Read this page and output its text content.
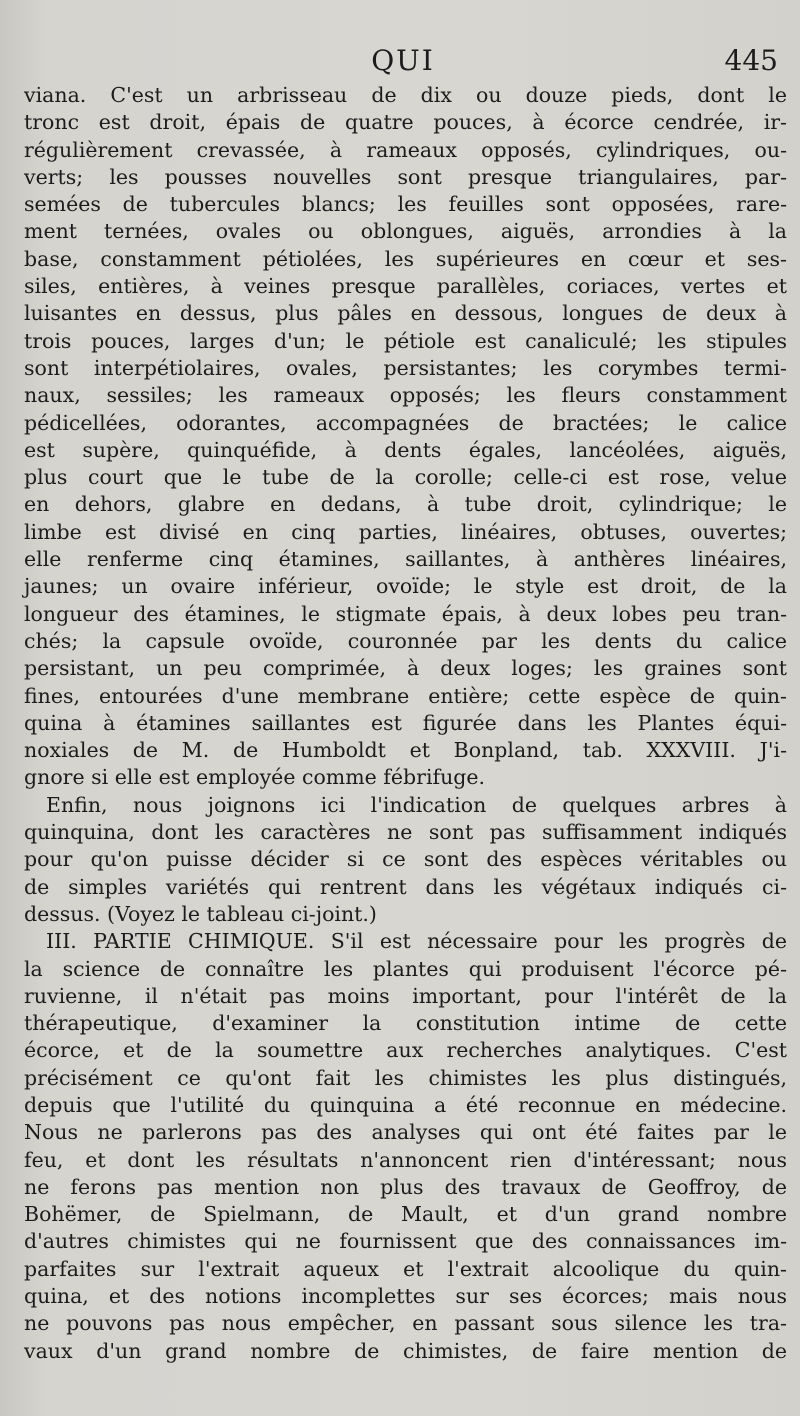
QUI	445
viana. C'est un arbrisseau de dix ou douze pieds, dont le
tronc est droit, épais de quatre pouces, à écorce cendrée, ir-
régulièrement crevassée, à rameaux opposés, cylindriques, ou-
verts; les pousses nouvelles sont presque triangulaires, par-
semées de tubercules blancs; les feuilles sont opposées, rare-
ment ternées, ovales ou oblongues, aiguës, arrondies à la
base, constamment pétiolées, les supérieures en cœur et ses-
siles, entières, à veines presque parallèles, coriaces, vertes et
luisantes en dessus, plus pâles en dessous, longues de deux à
trois pouces, larges d'un; le pétiole est canaliculé; les stipules
sont interpétiolaires, ovales, persistantes; les corymbes termi-
naux, sessiles; les rameaux opposés; les fleurs constamment
pédicellées, odorantes, accompagnées de bractées; le calice
est supère, quinquéfide, à dents égales, lancéolées, aiguës,
plus court que le tube de la corolle; celle-ci est rose, velue
en dehors, glabre en dedans, à tube droit, cylindrique; le
limbe est divisé en cinq parties, linéaires, obtuses, ouvertes;
elle renferme cinq étamines, saillantes, à anthères linéaires,
jaunes; un ovaire inférieur, ovoïde; le style est droit, de la
longueur des étamines, le stigmate épais, à deux lobes peu tran-
chés; la capsule ovoïde, couronnée par les dents du calice
persistant, un peu comprimée, à deux loges; les graines sont
fines, entourées d'une membrane entière; cette espèce de quin-
quina à étamines saillantes est figurée dans les Plantes équi-
noxiales de M. de Humboldt et Bonpland, tab. XXXVIII. J'i-
gnore si elle est employée comme fébrifuge.
Enfin, nous joignons ici l'indication de quelques arbres à
quinquina, dont les caractères ne sont pas suffisamment indiqués
pour qu'on puisse décider si ce sont des espèces véritables ou
de simples variétés qui rentrent dans les végétaux indiqués ci-
dessus. (Voyez le tableau ci-joint.)
III. PARTIE CHIMIQUE. S'il est nécessaire pour les progrès de
la science de connaître les plantes qui produisent l'écorce pé-
ruvienne, il n'était pas moins important, pour l'intérêt de la
thérapeutique, d'examiner la constitution intime de cette
écorce, et de la soumettre aux recherches analytiques. C'est
précisément ce qu'ont fait les chimistes les plus distingués,
depuis que l'utilité du quinquina a été reconnue en médecine.
Nous ne parlerons pas des analyses qui ont été faites par le
feu, et dont les résultats n'annoncent rien d'intéressant; nous
ne ferons pas mention non plus des travaux de Geoffroy, de
Bohëmer, de Spielmann, de Mault, et d'un grand nombre
d'autres chimistes qui ne fournissent que des connaissances im-
parfaites sur l'extrait aqueux et l'extrait alcoolique du quin-
quina, et des notions incomplettes sur ses écorces; mais nous
ne pouvons pas nous empêcher, en passant sous silence les tra-
vaux d'un grand nombre de chimistes, de faire mention de
